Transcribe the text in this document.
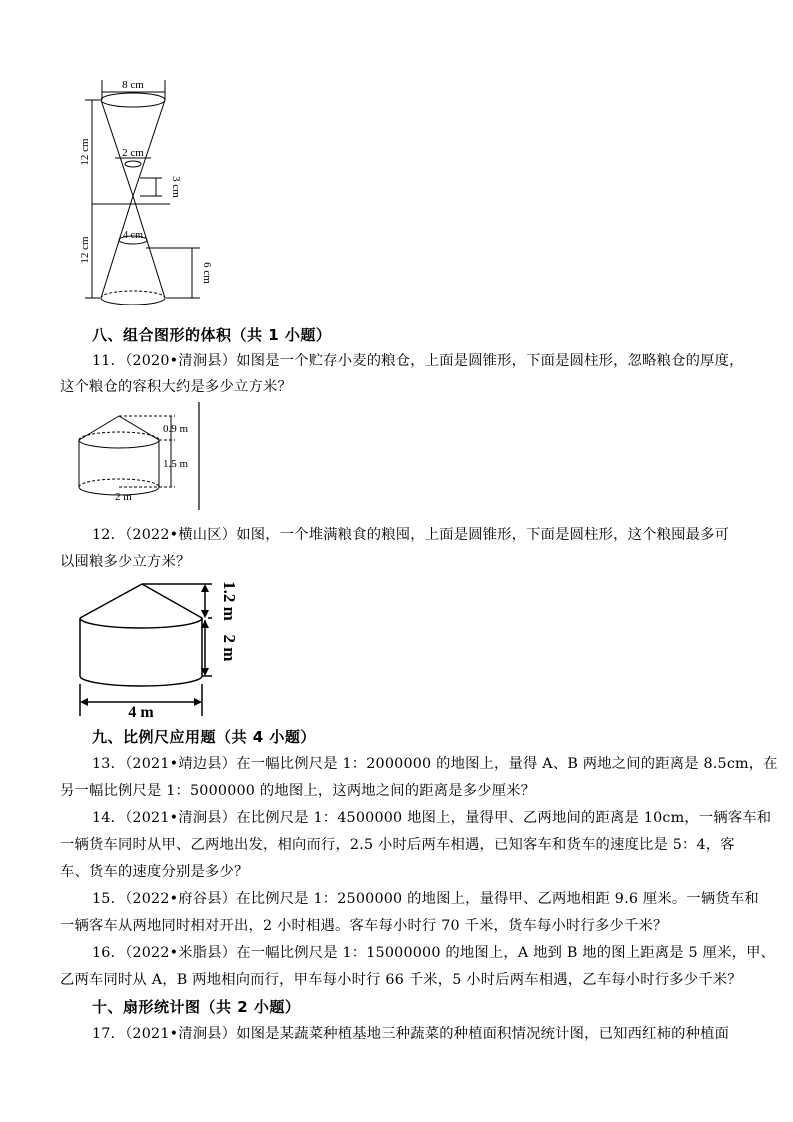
8 cm
12 cm	2 cm
3 cm
12 cm
4 cm
6 cm
八、组合图形的体积（共 1 小题）
11．（2020•清涧县）如图是一个贮存小麦的粮仓，上面是圆锥形，下面是圆柱形，忽略粮仓的厚度，
这个粮仓的容积大约是多少立方米？
0.9 m
1.5 m
2 m
12．（2022•横山区）如图，一个堆满粮食的粮囤，上面是圆锥形，下面是圆柱形，这个粮囤最多可
以囤粮多少立方米？
1.2 m
2 m
4 m
九、比例尺应用题（共 4 小题）
13．（2021•靖边县）在一幅比例尺是 1：2000000 的地图上，量得 A、B 两地之间的距离是 8.5cm，在
另一幅比例尺是 1：5000000 的地图上，这两地之间的距离是多少厘米？
14．（2021•清涧县）在比例尺是 1：4500000 地图上，量得甲、乙两地间的距离是 10cm，一辆客车和
一辆货车同时从甲、乙两地出发，相向而行，2.5 小时后两车相遇，已知客车和货车的速度比是 5：4，客
车、货车的速度分别是多少？
15．（2022•府谷县）在比例尺是 1：2500000 的地图上，量得甲、乙两地相距 9.6 厘米。一辆货车和
一辆客车从两地同时相对开出，2 小时相遇。客车每小时行 70 千米，货车每小时行多少千米？
16．（2022•米脂县）在一幅比例尺是 1：15000000 的地图上，A 地到 B 地的图上距离是 5 厘米，甲、
乙两车同时从 A，B 两地相向而行，甲车每小时行 66 千米，5 小时后两车相遇，乙车每小时行多少千米？
十、扇形统计图（共 2 小题）
17．（2021•清涧县）如图是某蔬菜种植基地三种蔬菜的种植面积情况统计图，已知西红柿的种植面
